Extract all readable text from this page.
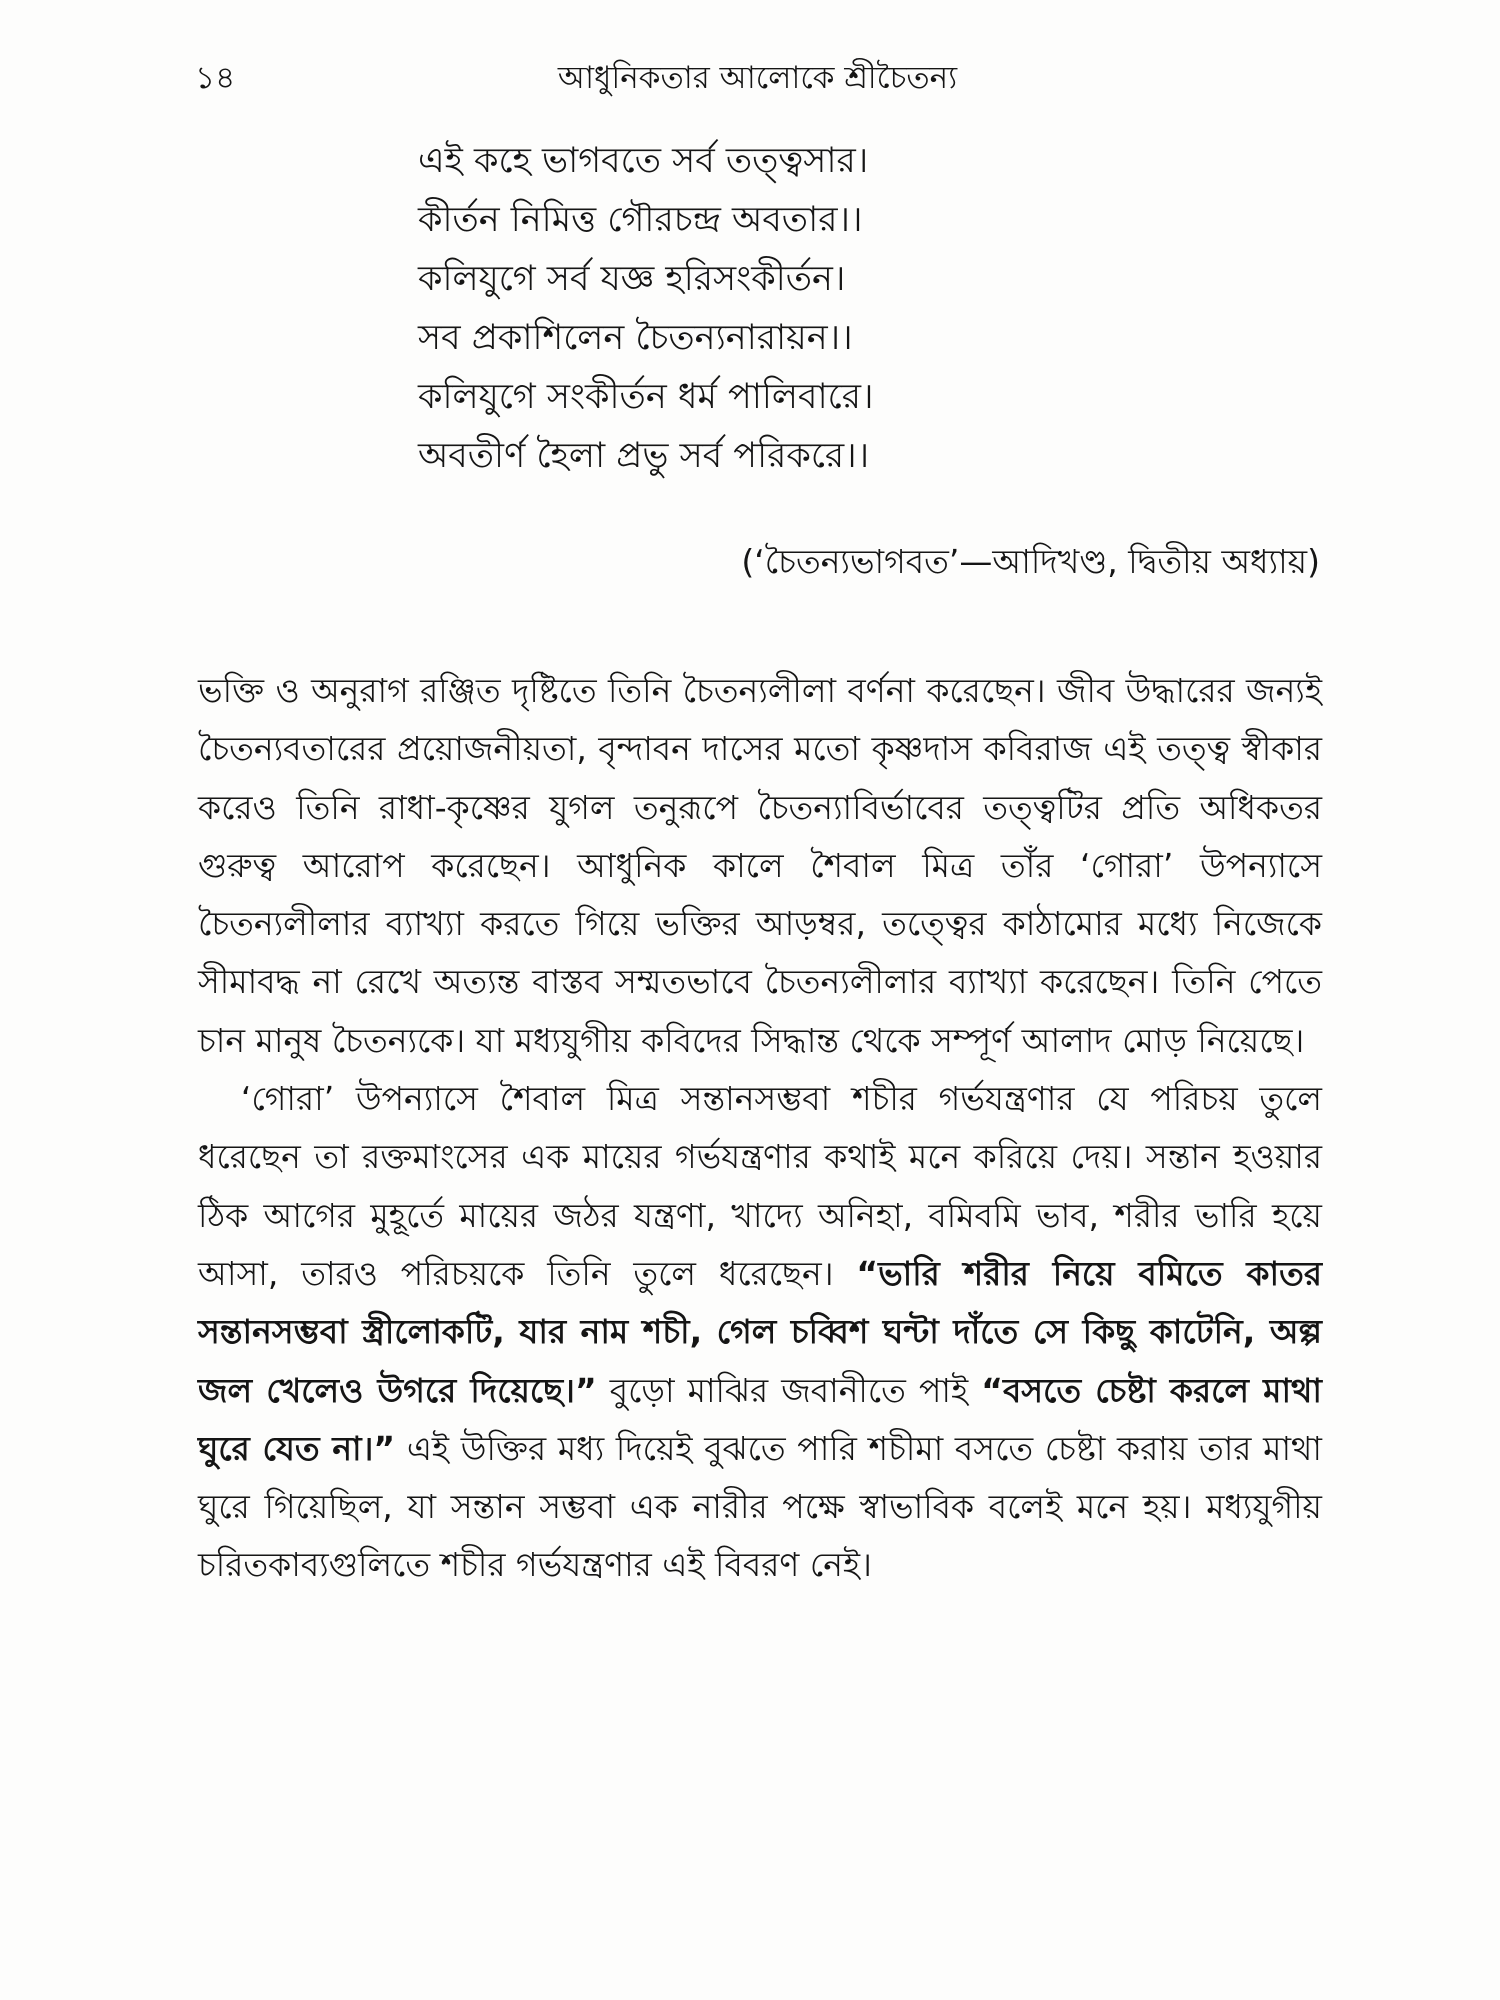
১৪	আধুনিকতার আলোকে শ্রীচৈতন্য
এই কহে ভাগবতে সর্ব তত্ত্বসার।
কীর্তন নিমিত্ত গৌরচন্দ্র অবতার।।
কলিযুগে সর্ব যজ্ঞ হরিসংকীর্তন।
সব প্রকাশিলেন চৈতন্যনারায়ন।।
কলিযুগে সংকীর্তন ধর্ম পালিবারে।
অবতীর্ণ হৈলা প্রভু সর্ব পরিকরে।।
(‘চৈতন্যভাগবত’—আদিখণ্ড, দ্বিতীয় অধ্যায়)

ভক্তি ও অনুরাগ রঞ্জিত দৃষ্টিতে তিনি চৈতন্যলীলা বর্ণনা করেছেন। জীব উদ্ধারের জন্যই চৈতন্যবতারের প্রয়োজনীয়তা, বৃন্দাবন দাসের মতো কৃষ্ণদাস কবিরাজ এই তত্ত্ব স্বীকার করেও তিনি রাধা-কৃষ্ণের যুগল তনুরূপে চৈতন্যাবির্ভাবের তত্ত্বটির প্রতি অধিকতর গুরুত্ব আরোপ করেছেন। আধুনিক কালে শৈবাল মিত্র তাঁর ‘গোরা’ উপন্যাসে চৈতন্যলীলার ব্যাখ্যা করতে গিয়ে ভক্তির আড়ম্বর, তত্ত্বের কাঠামোর মধ্যে নিজেকে সীমাবদ্ধ না রেখে অত্যন্ত বাস্তব সম্মতভাবে চৈতন্যলীলার ব্যাখ্যা করেছেন। তিনি পেতে চান মানুষ চৈতন্যকে। যা মধ্যযুগীয় কবিদের সিদ্ধান্ত থেকে সম্পূর্ণ আলাদ মোড় নিয়েছে।

‘গোরা’ উপন্যাসে শৈবাল মিত্র সন্তানসম্ভবা শচীর গর্ভযন্ত্রণার যে পরিচয় তুলে ধরেছেন তা রক্তমাংসের এক মায়ের গর্ভযন্ত্রণার কথাই মনে করিয়ে দেয়। সন্তান হওয়ার ঠিক আগের মুহূর্তে মায়ের জঠর যন্ত্রণা, খাদ্যে অনিহা, বমিবমি ভাব, শরীর ভারি হয়ে আসা, তারও পরিচয়কে তিনি তুলে ধরেছেন। “ভারি শরীর নিয়ে বমিতে কাতর সন্তানসম্ভবা স্ত্রীলোকটি, যার নাম শচী, গেল চব্বিশ ঘন্টা দাঁতে সে কিছু কাটেনি, অল্প জল খেলেও উগরে দিয়েছে।” বুড়ো মাঝির জবানীতে পাই “বসতে চেষ্টা করলে মাথা ঘুরে যেত না।” এই উক্তির মধ্য দিয়েই বুঝতে পারি শচীমা বসতে চেষ্টা করায় তার মাথা ঘুরে গিয়েছিল, যা সন্তান সম্ভবা এক নারীর পক্ষে স্বাভাবিক বলেই মনে হয়। মধ্যযুগীয় চরিতকাব্যগুলিতে শচীর গর্ভযন্ত্রণার এই বিবরণ নেই।
